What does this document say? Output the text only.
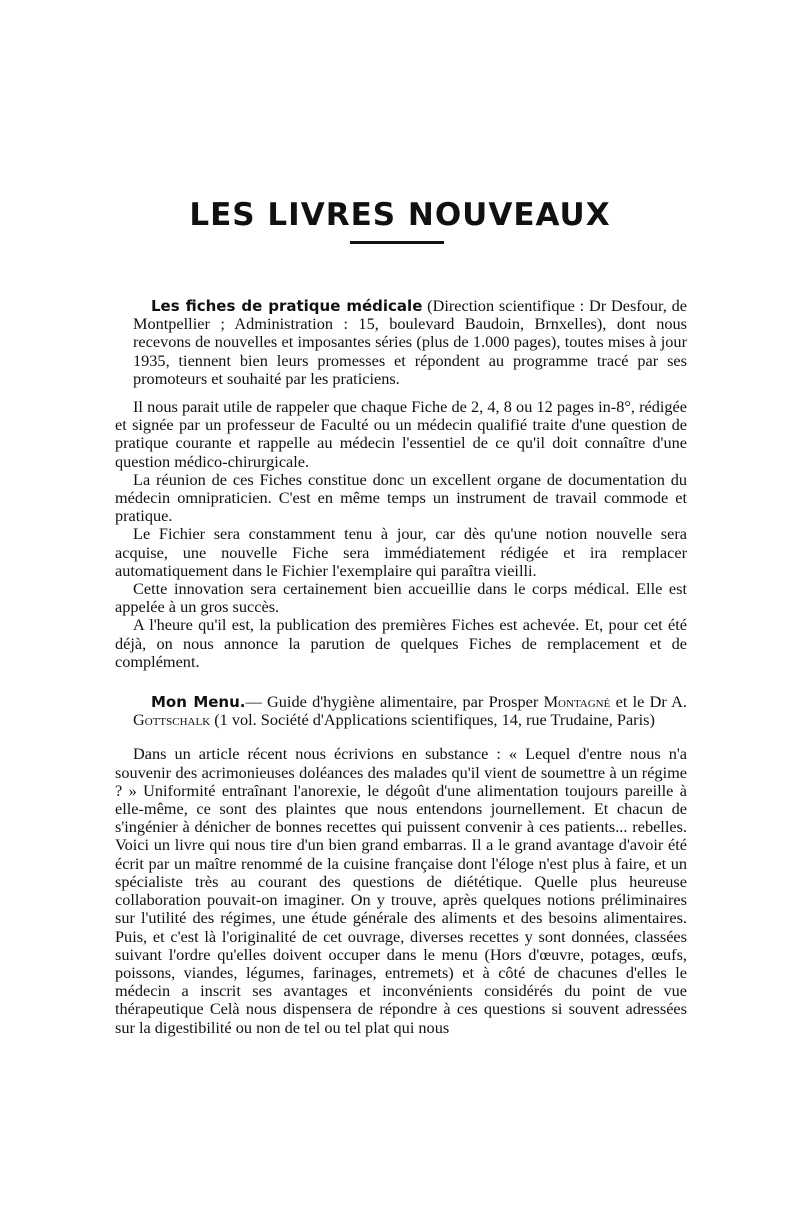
LES LIVRES NOUVEAUX

Les fiches de pratique médicale (Direction scientifique : Dr Desfour, de Montpellier ; Administration : 15, boulevard Baudoin, Brnxelles), dont nous recevons de nouvelles et imposantes séries (plus de 1.000 pages), toutes mises à jour 1935, tiennent bien leurs promesses et répondent au programme tracé par ses promoteurs et souhaité par les praticiens.

Il nous parait utile de rappeler que chaque Fiche de 2, 4, 8 ou 12 pages in-8°, rédigée et signée par un professeur de Faculté ou un médecin qualifié traite d'une question de pratique courante et rappelle au médecin l'essentiel de ce qu'il doit connaître d'une question médico-chirurgicale.

La réunion de ces Fiches constitue donc un excellent organe de documentation du médecin omnipraticien. C'est en même temps un instrument de travail commode et pratique.

Le Fichier sera constamment tenu à jour, car dès qu'une notion nouvelle sera acquise, une nouvelle Fiche sera immédiatement rédigée et ira remplacer automatiquement dans le Fichier l'exemplaire qui paraîtra vieilli.

Cette innovation sera certainement bien accueillie dans le corps médical. Elle est appelée à un gros succès.

A l'heure qu'il est, la publication des premières Fiches est achevée. Et, pour cet été déjà, on nous annonce la parution de quelques Fiches de remplacement et de complément.

Mon Menu.— Guide d'hygiène alimentaire, par Prosper Montagné et le Dr A. Gottschalk (1 vol. Société d'Applications scientifiques, 14, rue Trudaine, Paris)

Dans un article récent nous écrivions en substance : « Lequel d'entre nous n'a souvenir des acrimonieuses doléances des malades qu'il vient de soumettre à un régime ? » Uniformité entraînant l'anorexie, le dégoût d'une alimentation toujours pareille à elle-même, ce sont des plaintes que nous entendons journellement. Et chacun de s'ingénier à dénicher de bonnes recettes qui puissent convenir à ces patients... rebelles. Voici un livre qui nous tire d'un bien grand embarras. Il a le grand avantage d'avoir été écrit par un maître renommé de la cuisine française dont l'éloge n'est plus à faire, et un spécialiste très au courant des questions de diététique. Quelle plus heureuse collaboration pouvait-on imaginer. On y trouve, après quelques notions préliminaires sur l'utilité des régimes, une étude générale des aliments et des besoins alimentaires. Puis, et c'est là l'originalité de cet ouvrage, diverses recettes y sont données, classées suivant l'ordre qu'elles doivent occuper dans le menu (Hors d'œuvre, potages, œufs, poissons, viandes, légumes, farinages, entremets) et à côté de chacunes d'elles le médecin a inscrit ses avantages et inconvénients considérés du point de vue thérapeutique Celà nous dispensera de répondre à ces questions si souvent adressées sur la digestibilité ou non de tel ou tel plat qui nous
